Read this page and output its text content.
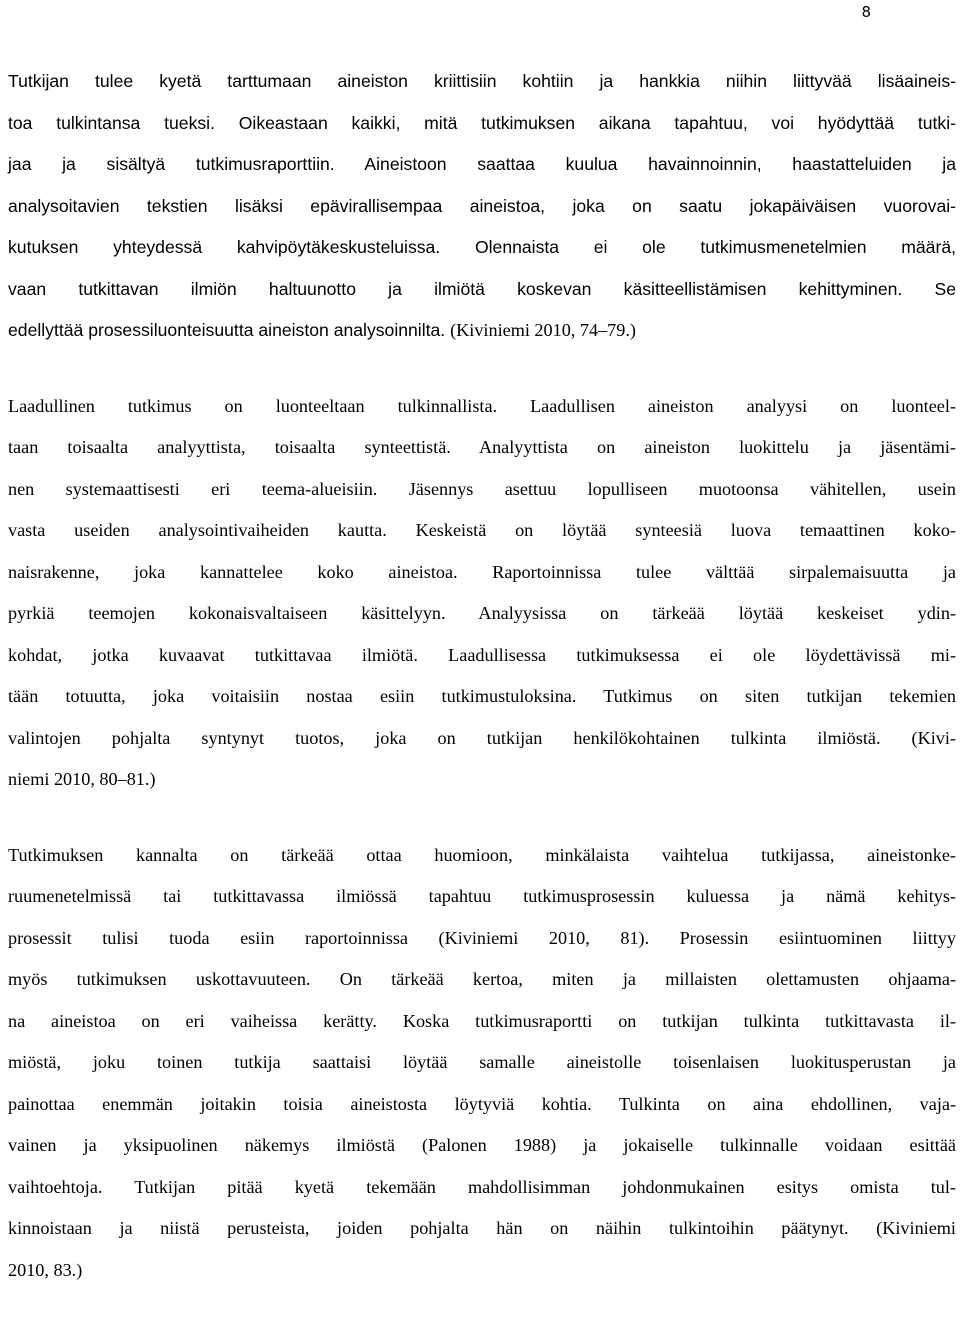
8

Tutkijan tulee kyetä tarttumaan aineiston kriittisiin kohtiin ja hankkia niihin liittyvää lisäaineis-
toa tulkintansa tueksi. Oikeastaan kaikki, mitä tutkimuksen aikana tapahtuu, voi hyödyttää tutki-
jaa ja sisältyä tutkimusraporttiin. Aineistoon saattaa kuulua havainnoinnin, haastatteluiden ja
analysoitavien tekstien lisäksi epävirallisempaa aineistoa, joka on saatu jokapäiväisen vuorovai-
kutuksen yhteydessä kahvipöytäkeskusteluissa. Olennaista ei ole tutkimusmenetelmien määrä,
vaan tutkittavan ilmiön haltuunotto ja ilmiötä koskevan käsitteellistämisen kehittyminen. Se
edellyttää prosessiluonteisuutta aineiston analysoinnilta. (Kiviniemi 2010, 74–79.)

Laadullinen tutkimus on luonteeltaan tulkinnallista. Laadullisen aineiston analyysi on luonteel-
taan toisaalta analyyttista, toisaalta synteettistä. Analyyttista on aineiston luokittelu ja jäsentämi-
nen systemaattisesti eri teema-alueisiin. Jäsennys asettuu lopulliseen muotoonsa vähitellen, usein
vasta useiden analysointivaiheiden kautta. Keskeistä on löytää synteesiä luova temaattinen koko-
naisrakenne, joka kannattelee koko aineistoa. Raportoinnissa tulee välttää sirpalemaisuutta ja
pyrkiä teemojen kokonaisvaltaiseen käsittelyyn. Analyysissa on tärkeää löytää keskeiset ydin-
kohdat, jotka kuvaavat tutkittavaa ilmiötä. Laadullisessa tutkimuksessa ei ole löydettävissä mi-
tään totuutta, joka voitaisiin nostaa esiin tutkimustuloksina. Tutkimus on siten tutkijan tekemien
valintojen pohjalta syntynyt tuotos, joka on tutkijan henkilökohtainen tulkinta ilmiöstä. (Kivi-
niemi 2010, 80–81.)

Tutkimuksen kannalta on tärkeää ottaa huomioon, minkälaista vaihtelua tutkijassa, aineistonke-
ruumenetelmissä tai tutkittavassa ilmiössä tapahtuu tutkimusprosessin kuluessa ja nämä kehitys-
prosessit tulisi tuoda esiin raportoinnissa (Kiviniemi 2010, 81). Prosessin esiintuominen liittyy
myös tutkimuksen uskottavuuteen. On tärkeää kertoa, miten ja millaisten olettamusten ohjaama-
na aineistoa on eri vaiheissa kerätty. Koska tutkimusraportti on tutkijan tulkinta tutkittavasta il-
miöstä, joku toinen tutkija saattaisi löytää samalle aineistolle toisenlaisen luokitusperustan ja
painottaa enemmän joitakin toisia aineistosta löytyviä kohtia. Tulkinta on aina ehdollinen, vaja-
vainen ja yksipuolinen näkemys ilmiöstä (Palonen 1988) ja jokaiselle tulkinnalle voidaan esittää
vaihtoehtoja. Tutkijan pitää kyetä tekemään mahdollisimman johdonmukainen esitys omista tul-
kinnoistaan ja niistä perusteista, joiden pohjalta hän on näihin tulkintoihin päätynyt. (Kiviniemi
2010, 83.)
